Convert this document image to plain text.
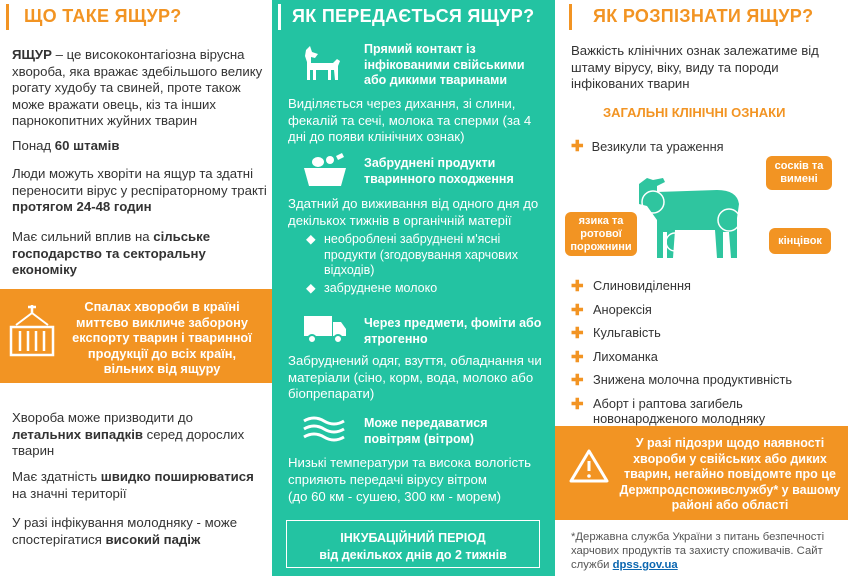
ЩО ТАКЕ ЯЩУР?

ЯЩУР – це висококонтагіозна вірусна хвороба, яка вражає здебільшого велику рогату худобу та свиней, проте також може вражати овець, кіз та інших парнокопитних жуйних тварин

Понад 60 штамів

Люди можуть хворіти на ящур та здатні переносити вірус у респіраторному тракті протягом 24-48 годин

Має сильний вплив на сільське господарство та секторальну економіку

Спалах хвороби в країні миттєво викличе заборону експорту тварин і тваринної продукції до всіх країн, вільних від ящуру

Хвороба може призводити до летальних випадків серед дорослих тварин

Має здатність швидко поширюватися на значні території

У разі інфікування молодняку - може спостерігатися високий падіж

ЯК ПЕРЕДАЄТЬСЯ ЯЩУР?
Прямий контакт із інфікованими свійськими або дикими тваринами

Виділяється через дихання, зі слини, фекалій та сечі, молока та сперми (за 4 дні до появи клінічних ознак)

Забруднені продукти тваринного походження

Здатний до виживання від одного дня до декількох тижнів в органічній матерії

◆ необроблені забруднені м'ясні продукти (згодовування харчових відходів)
◆ забруднене молоко
Через предмети, фоміти або ятрогенно

Забруднений одяг, взуття, обладнання чи матеріали (сіно, корм, вода, молоко або біопрепарати)

Може передаватися повітрям (вітром)

Низькі температури та висока вологість сприяють передачі вірусу вітром

(до 60 км - сушею, 300 км - морем)

ІНКУБАЦІЙНИЙ ПЕРІОД
від декількох днів до 2 тижнів
ЯК РОЗПІЗНАТИ ЯЩУР?

Важкість клінічних ознак залежатиме від штаму вірусу, віку, виду та породи інфікованих тварин

ЗАГАЛЬНІ КЛІНІЧНІ ОЗНАКИ
✚ Везикули та ураження
сосків та вимені
язика та ротової порожнини	кінцівок
✚ Слиновиділення
✚ Анорексія
✚ Кульгавість
✚ Лихоманка
✚ Знижена молочна продуктивність
✚ Аборт і раптова загибель новонародженого молодняку
У разі підозри щодо наявності хвороби у свійських або диких тварин, негайно повідомте про це Держпродспоживслужбу* у вашому районі або області

*Державна служба України з питань безпечності харчових продуктів та захисту споживачів. Сайт служби dpss.gov.ua
